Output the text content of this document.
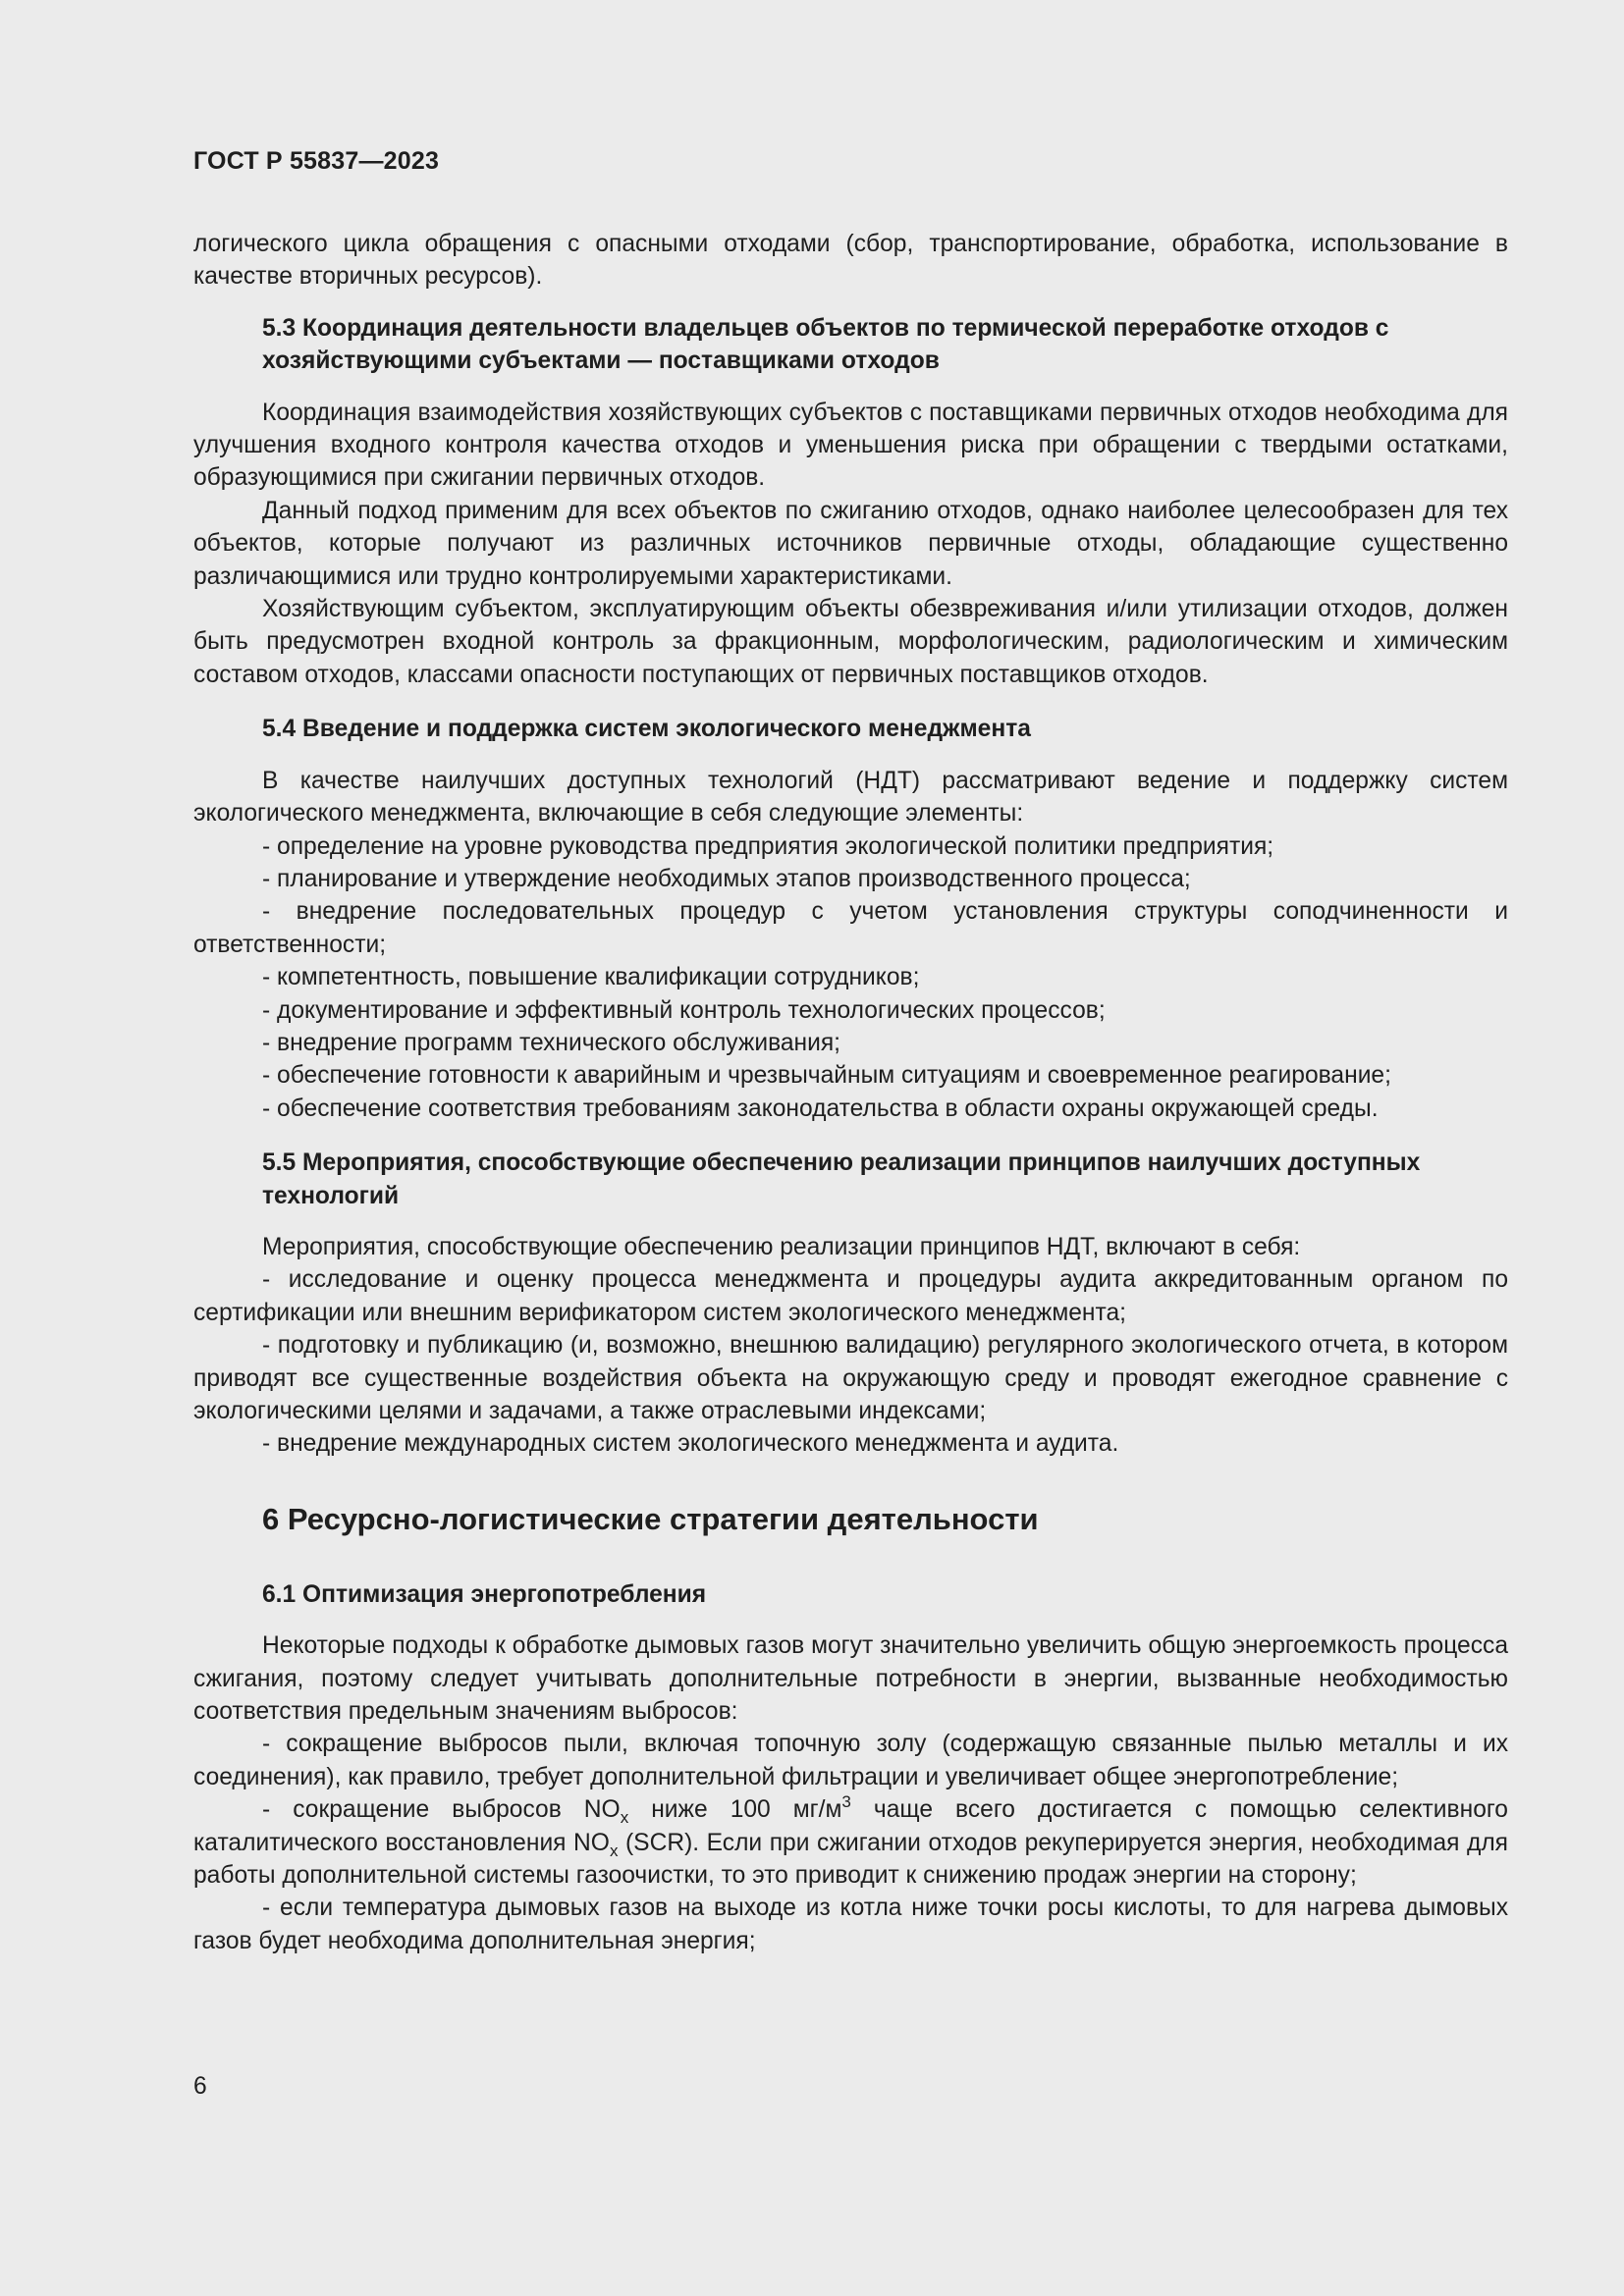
ГОСТ Р 55837—2023

логического цикла обращения с опасными отходами (сбор, транспортирование, обработка, использование в качестве вторичных ресурсов).

5.3 Координация деятельности владельцев объектов по термической переработке отходов с хозяйствующими субъектами — поставщиками отходов

Координация взаимодействия хозяйствующих субъектов с поставщиками первичных отходов необходима для улучшения входного контроля качества отходов и уменьшения риска при обращении с твердыми остатками, образующимися при сжигании первичных отходов.

Данный подход применим для всех объектов по сжиганию отходов, однако наиболее целесообразен для тех объектов, которые получают из различных источников первичные отходы, обладающие существенно различающимися или трудно контролируемыми характеристиками.

Хозяйствующим субъектом, эксплуатирующим объекты обезвреживания и/или утилизации отходов, должен быть предусмотрен входной контроль за фракционным, морфологическим, радиологическим и химическим составом отходов, классами опасности поступающих от первичных поставщиков отходов.

5.4 Введение и поддержка систем экологического менеджмента

В качестве наилучших доступных технологий (НДТ) рассматривают ведение и поддержку систем экологического менеджмента, включающие в себя следующие элементы:

- определение на уровне руководства предприятия экологической политики предприятия;

- планирование и утверждение необходимых этапов производственного процесса;

- внедрение последовательных процедур с учетом установления структуры соподчиненности и ответственности;

- компетентность, повышение квалификации сотрудников;

- документирование и эффективный контроль технологических процессов;

- внедрение программ технического обслуживания;

- обеспечение готовности к аварийным и чрезвычайным ситуациям и своевременное реагирование;

- обеспечение соответствия требованиям законодательства в области охраны окружающей среды.

5.5 Мероприятия, способствующие обеспечению реализации принципов наилучших доступных технологий

Мероприятия, способствующие обеспечению реализации принципов НДТ, включают в себя:

- исследование и оценку процесса менеджмента и процедуры аудита аккредитованным органом по сертификации или внешним верификатором систем экологического менеджмента;

- подготовку и публикацию (и, возможно, внешнюю валидацию) регулярного экологического отчета, в котором приводят все существенные воздействия объекта на окружающую среду и проводят ежегодное сравнение с экологическими целями и задачами, а также отраслевыми индексами;

- внедрение международных систем экологического менеджмента и аудита.

6 Ресурсно-логистические стратегии деятельности
6.1 Оптимизация энергопотребления

Некоторые подходы к обработке дымовых газов могут значительно увеличить общую энергоемкость процесса сжигания, поэтому следует учитывать дополнительные потребности в энергии, вызванные необходимостью соответствия предельным значениям выбросов:

- сокращение выбросов пыли, включая топочную золу (содержащую связанные пылью металлы и их соединения), как правило, требует дополнительной фильтрации и увеличивает общее энергопотребление;

- сокращение выбросов $NO_x$ ниже 100 $мг/м^3$ чаще всего достигается с помощью селективного каталитического восстановления $NO_x$ (SCR). Если при сжигании отходов рекуперируется энергия, необходимая для работы дополнительной системы газоочистки, то это приводит к снижению продаж энергии на сторону;

- если температура дымовых газов на выходе из котла ниже точки росы кислоты, то для нагрева дымовых газов будет необходима дополнительная энергия;

6
